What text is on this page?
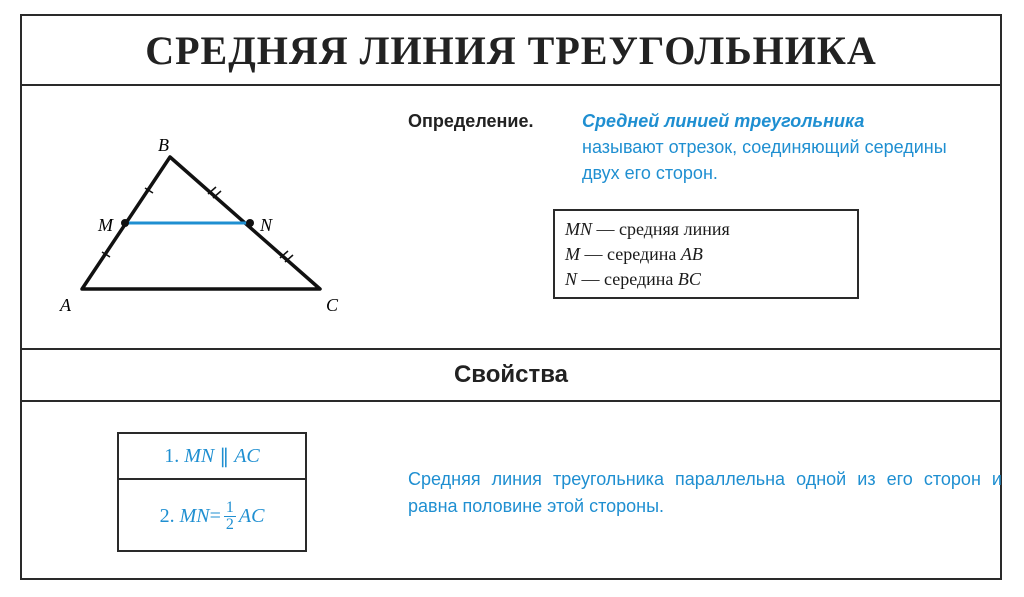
СРЕДНЯЯ ЛИНИЯ ТРЕУГОЛЬНИКА
A
B
C
M	N
Определение.	Средней линией треугольника
называют отрезок, соединяющий середины двух его сторон.
MN — средняя линия
M — середина AB
N — середина BC
Свойства
1.
MN
∥
AC
2.
MN = $\frac{1}{2}$ AC
Средняя линия треугольника параллельна одной из его сторон и равна половине этой стороны.
